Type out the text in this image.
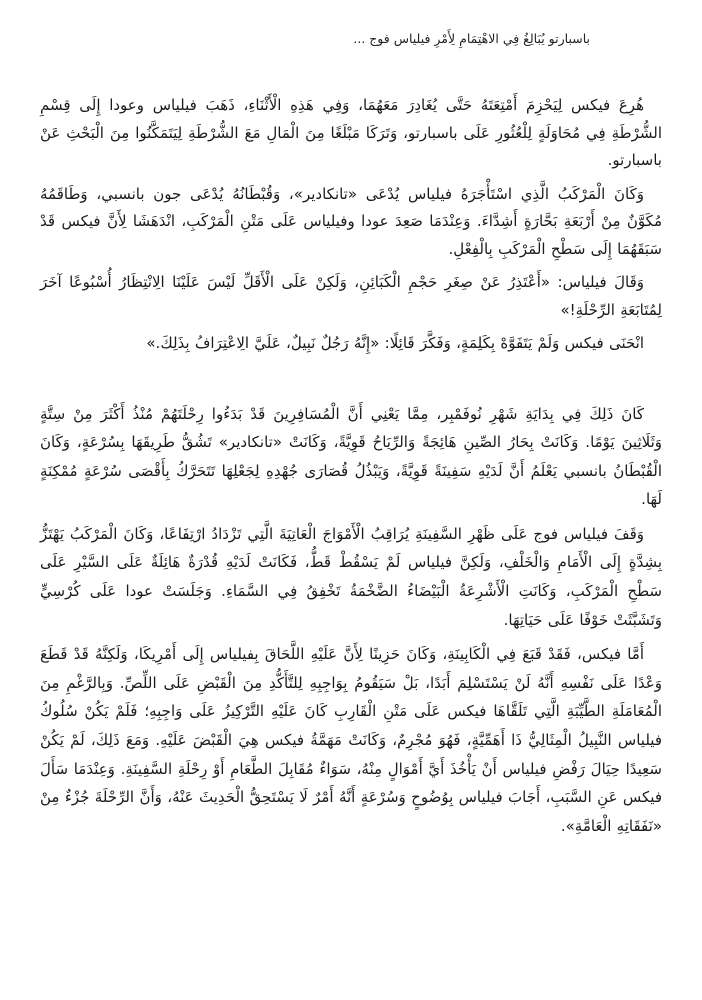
باسبارتو يُبَالِغُ فِي الاهْتِمَامِ لِأَمْرِ فيلياس فوج ...

هُرِعَ فيكس لِيَحْزِمَ أَمْتِعَتَهُ حَتَّى يُغَادِرَ مَعَهُمَا، وَفِي هَذِهِ الْأَثْنَاءِ، ذَهَبَ فيلياس وعودا إِلَى قِسْمِ الشُّرْطَةِ فِي مُحَاوَلَةٍ لِلْعُثُورِ عَلَى باسبارتو، وَتَرَكَا مَبْلَغًا مِنَ الْمَالِ مَعَ الشُّرْطَةِ لِيَتَمَكَّنُوا مِنَ الْبَحْثِ عَنْ باسبارتو.

وَكَانَ الْمَرْكَبُ الَّذِي اسْتَأْجَرَهُ فيلياس يُدْعَى «تانكادير»، وَقُبْطَانُهُ يُدْعَى جون بانسبي، وَطَاقَمُهُ مُكَوَّنٌ مِنْ أَرْبَعَةِ بَحَّارَةٍ أَشِدَّاءَ. وَعِنْدَمَا صَعِدَ عودا وفيلياس عَلَى مَتْنِ الْمَرْكَبِ، انْدَهَشَا لِأَنَّ فيكس قَدْ سَبَقَهُمَا إِلَى سَطْحِ الْمَرْكَبِ بِالْفِعْلِ.

وَقَالَ فيلياس: «أَعْتَذِرُ عَنْ صِغَرِ حَجْمِ الْكَبَائِنِ، وَلَكِنْ عَلَى الْأَقَلِّ لَيْسَ عَلَيْنَا الِانْتِظَارُ أُسْبُوعًا آخَرَ لِمُتَابَعَةِ الرِّحْلَةِ!»

انْحَنَى فيكس وَلَمْ يَتَفَوَّهْ بِكَلِمَةٍ، وَفَكَّرَ قَائِلًا: «إِنَّهُ رَجُلٌ نَبِيلٌ، عَلَيَّ الِاعْتِرَافُ بِذَلِكَ.»

كَانَ ذَلِكَ فِي بِدَايَةِ شَهْرِ نُوفَمْبِر، مِمَّا يَعْنِي أَنَّ الْمُسَافِرِينَ قَدْ بَدَءُوا رِحْلَتَهُمْ مُنْذُ أَكْثَرَ مِنْ سِتَّةٍ وَثَلَاثِينَ يَوْمًا. وَكَانَتْ بِحَارُ الصِّينِ هَائِجَةً وَالرِّيَاحُ قَوِيَّةً، وَكَانَتْ «تانكادير» تَشُقُّ طَرِيقَهَا بِسُرْعَةٍ، وَكَانَ الْقُبْطَانُ بانسبي يَعْلَمُ أَنَّ لَدَيْهِ سَفِينَةً قَوِيَّةً، وَيَبْذُلُ قُصَارَى جُهْدِهِ لِجَعْلِهَا تَتَحَرَّكُ بِأَقْصَى سُرْعَةٍ مُمْكِنَةٍ لَهَا.

وَقَفَ فيلياس فوج عَلَى ظَهْرِ السَّفِينَةِ يُرَاقِبُ الْأَمْوَاجَ الْعَاتِيَةَ الَّتِي تَزْدَادُ ارْتِفَاعًا، وَكَانَ الْمَرْكَبُ يَهْتَزُّ بِشِدَّةٍ إِلَى الْأَمَامِ وَالْخَلْفِ، وَلَكِنَّ فيلياس لَمْ يَسْقُطْ قَطُّ، فَكَانَتْ لَدَيْهِ قُدْرَةٌ هَائِلَةٌ عَلَى السَّيْرِ عَلَى سَطْحِ الْمَرْكَبِ، وَكَانَتِ الْأَشْرِعَةُ الْبَيْضَاءُ الضَّخْمَةُ تَخْفِقُ فِي السَّمَاءِ. وَجَلَسَتْ عودا عَلَى كُرْسِيٍّ وَتَشَبَّثَتْ خَوْفًا عَلَى حَيَاتِهَا.

أَمَّا فيكس، فَقَدْ قَبَعَ فِي الْكَابِينَةِ، وَكَانَ حَزِينًا لِأَنَّ عَلَيْهِ اللَّحَاقَ بِفيلياس إِلَى أَمْرِيكَا، وَلَكِنَّهُ قَدْ قَطَعَ وَعْدًا عَلَى نَفْسِهِ أَنَّهُ لَنْ يَسْتَسْلِمَ أَبَدًا، بَلْ سَيَقُومُ بِوَاجِبِهِ لِلتَّأَكُّدِ مِنَ الْقَبْضِ عَلَى اللِّصِّ. وَبِالرَّغْمِ مِنَ الْمُعَامَلَةِ الطَّيِّبَةِ الَّتِي تَلَقَّاهَا فيكس عَلَى مَتْنِ الْقَارِبِ كَانَ عَلَيْهِ التَّرْكِيزُ عَلَى وَاجِبِهِ؛ فَلَمْ يَكُنْ سُلُوكُ فيلياس النَّبِيلُ الْمِثَالِيُّ ذَا أَهَمِّيَّةٍ، فَهُوَ مُجْرِمٌ، وَكَانَتْ مَهَمَّةُ فيكس هِيَ الْقَبْضَ عَلَيْهِ. وَمَعَ ذَلِكَ، لَمْ يَكُنْ سَعِيدًا حِيَالَ رَفْضِ فيلياس أَنْ يَأْخُذَ أَيَّ أَمْوَالٍ مِنْهُ، سَوَاءٌ مُقَابِلَ الطَّعَامِ أَوْ رِحْلَةِ السَّفِينَةِ. وَعِنْدَمَا سَأَلَ فيكس عَنِ السَّبَبِ، أَجَابَ فيلياس بِوُضُوحٍ وَسُرْعَةٍ أَنَّهُ أَمْرٌ لَا يَسْتَحِقُّ الْحَدِيثَ عَنْهُ، وَأَنَّ الرِّحْلَةَ جُزْءٌ مِنْ «نَفَقَاتِهِ الْعَامَّةِ».
